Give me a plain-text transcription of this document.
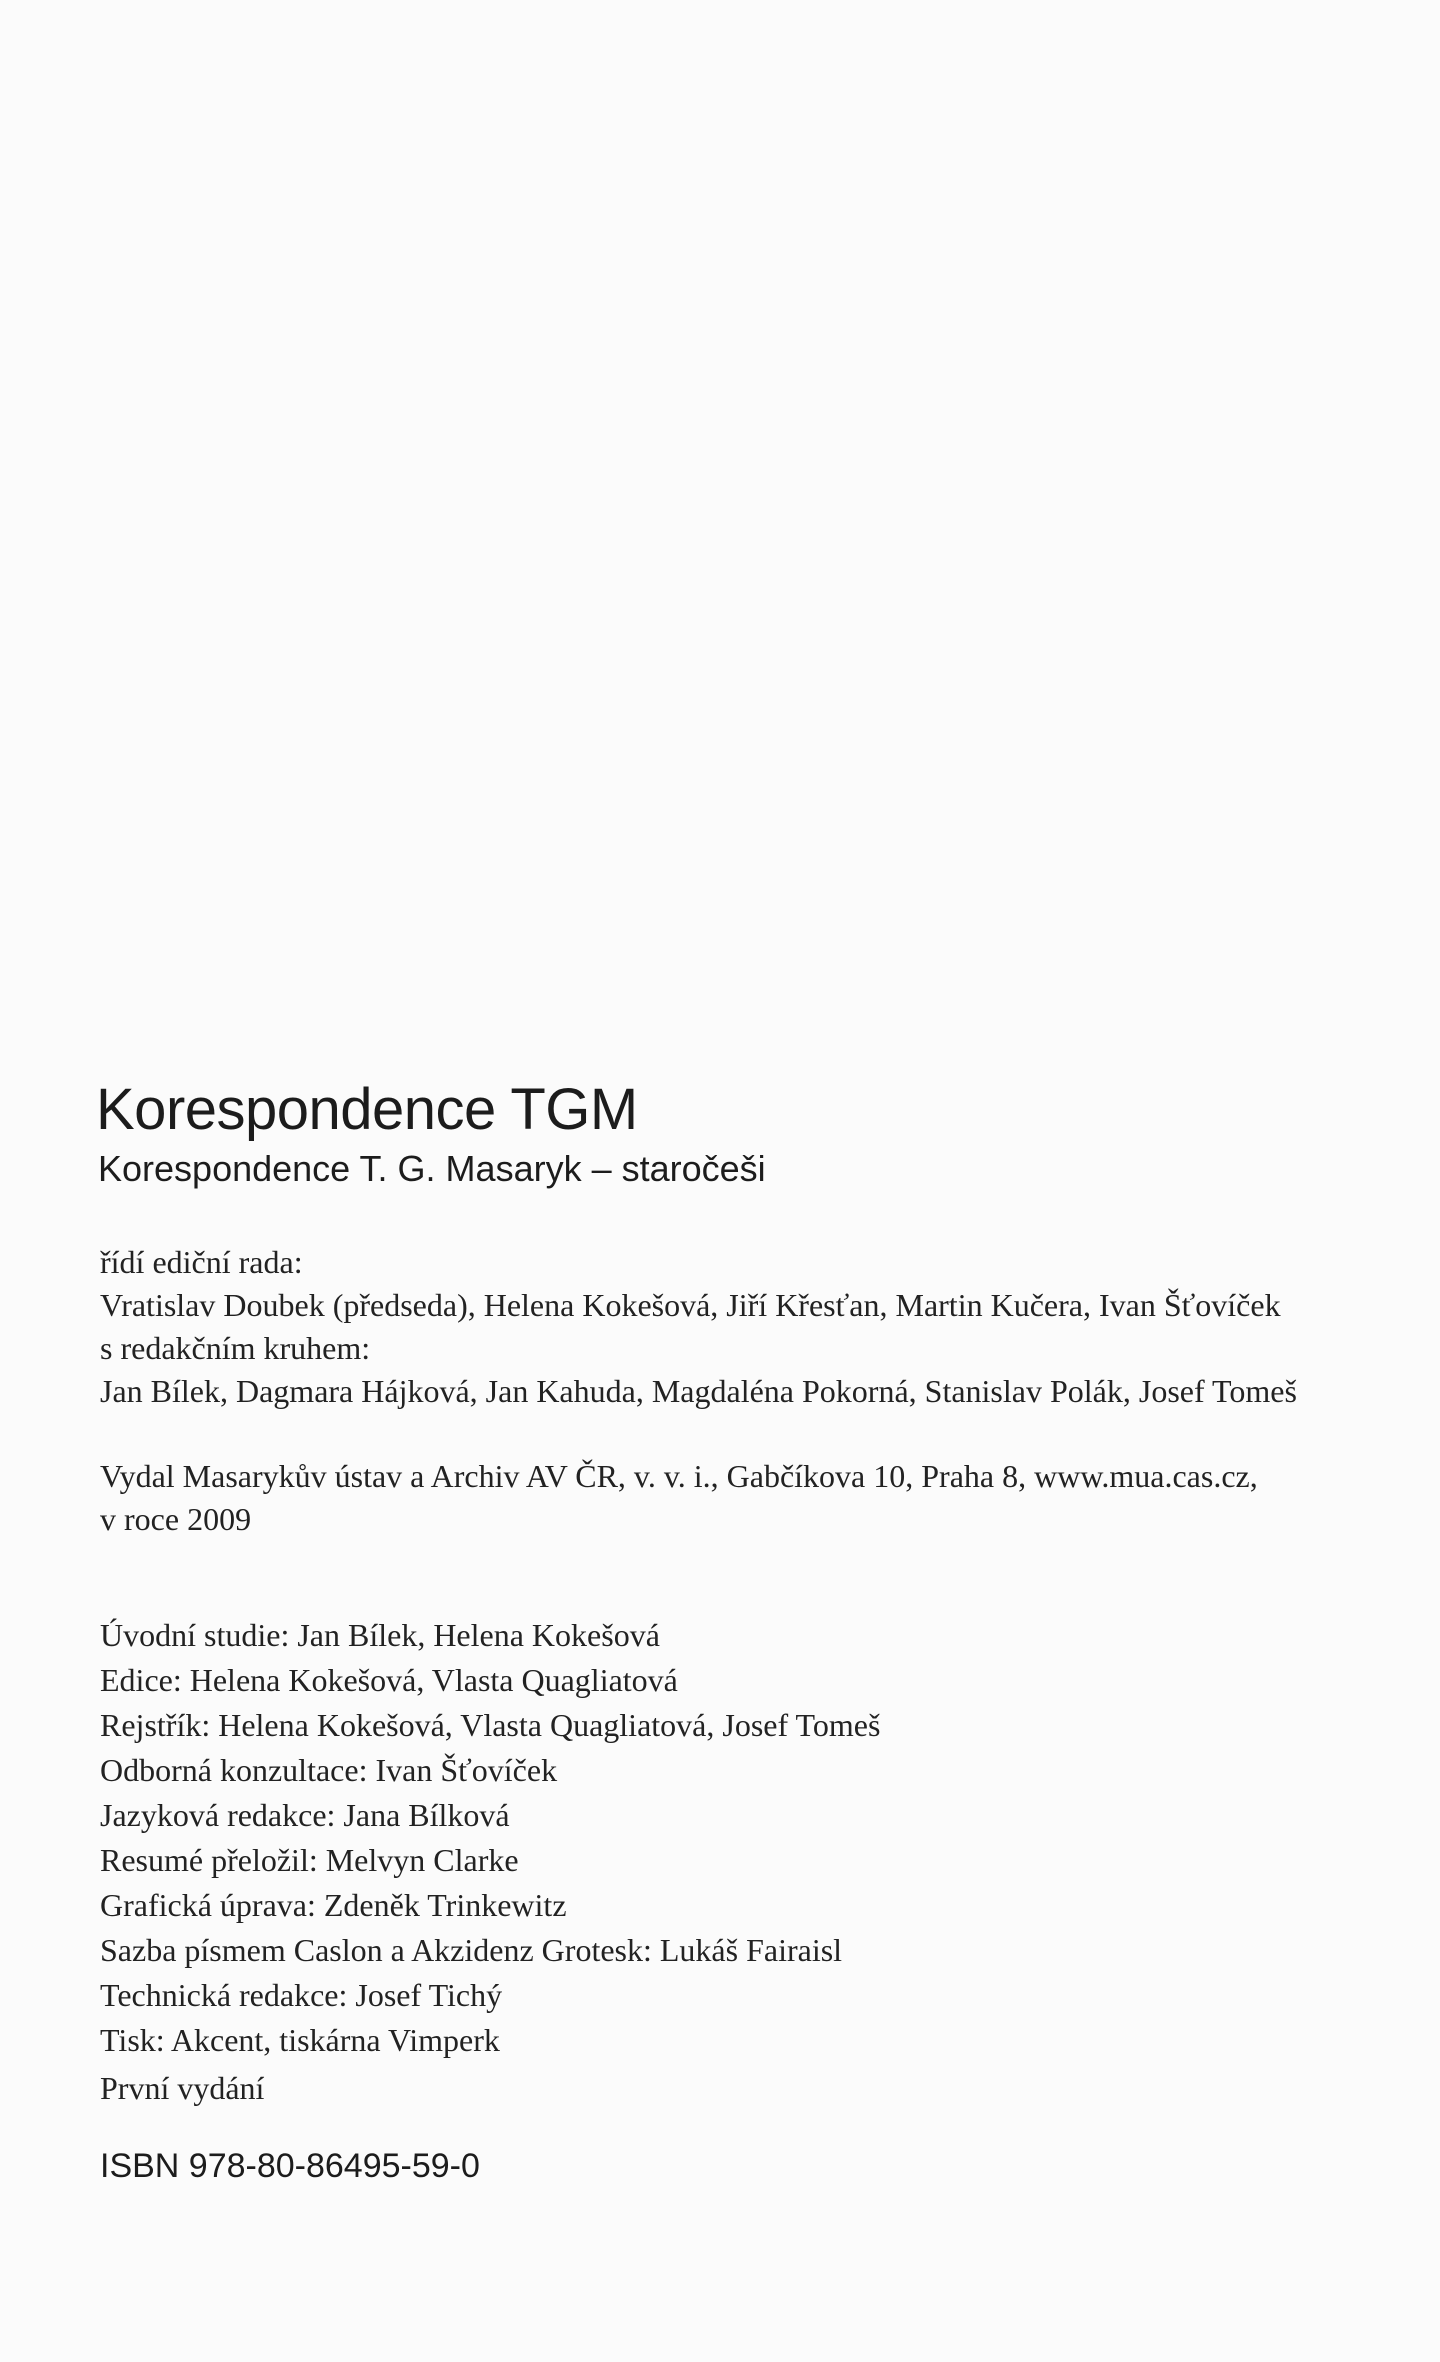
Korespondence TGM
Korespondence T. G. Masaryk – staročeši
řídí ediční rada:
Vratislav Doubek (předseda), Helena Kokešová, Jiří Křesťan, Martin Kučera, Ivan Šťovíček
s redakčním kruhem:
Jan Bílek, Dagmara Hájková, Jan Kahuda, Magdaléna Pokorná, Stanislav Polák, Josef Tomeš
Vydal Masarykův ústav a Archiv AV ČR, v. v. i., Gabčíkova 10, Praha 8, www.mua.cas.cz,
v roce 2009
Úvodní studie: Jan Bílek, Helena Kokešová
Edice: Helena Kokešová, Vlasta Quagliatová
Rejstřík: Helena Kokešová, Vlasta Quagliatová, Josef Tomeš
Odborná konzultace: Ivan Šťovíček
Jazyková redakce: Jana Bílková
Resumé přeložil: Melvyn Clarke
Grafická úprava: Zdeněk Trinkewitz
Sazba písmem Caslon a Akzidenz Grotesk: Lukáš Fairaisl
Technická redakce: Josef Tichý
Tisk: Akcent, tiskárna Vimperk
První vydání
ISBN 978-80-86495-59-0
